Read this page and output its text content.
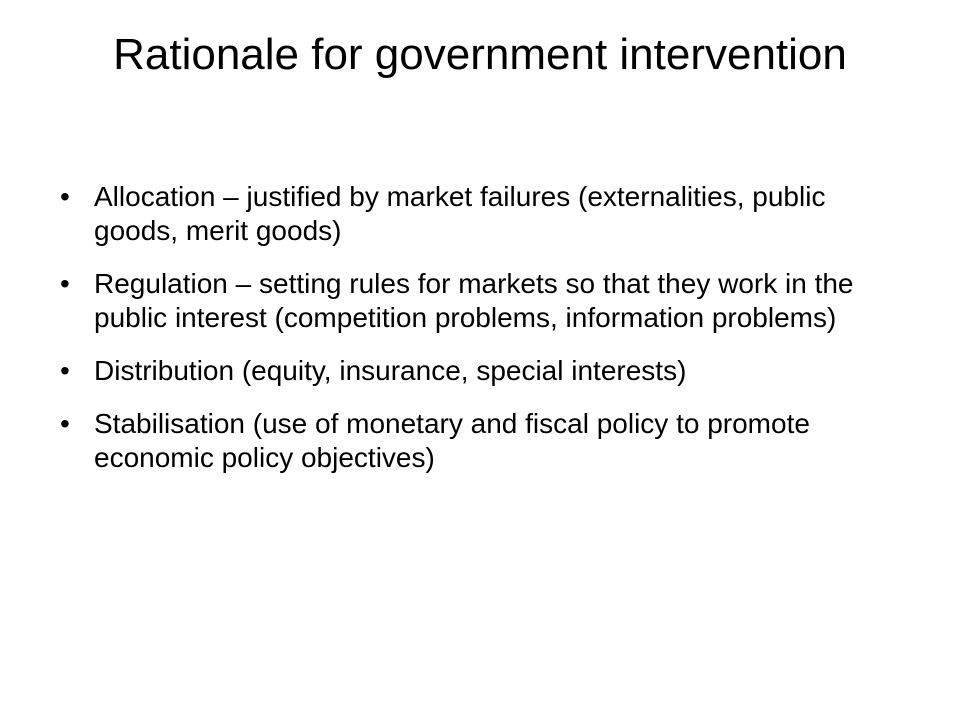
Rationale for government intervention
• Allocation – justified by market failures (externalities, public goods, merit goods)
• Regulation – setting rules for markets so that they work in the public interest (competition problems, information problems)
• Distribution (equity, insurance, special interests)
• Stabilisation (use of monetary and fiscal policy to promote economic policy objectives)
